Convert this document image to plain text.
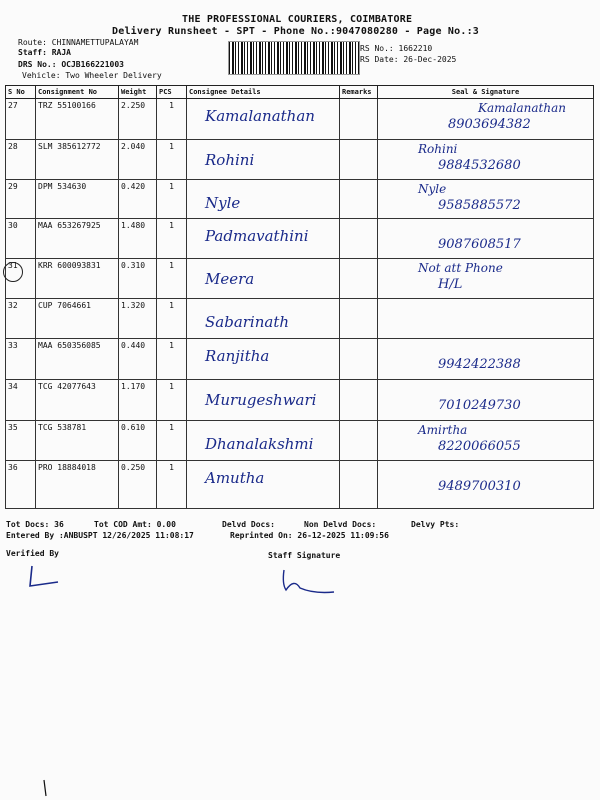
THE PROFESSIONAL COURIERS, COIMBATORE
Delivery Runsheet - SPT - Phone No.:9047080280 - Page No.:3
Route: CHINNAMETTUPALAYAM
Staff: RAJA
DRS No.: OCJB166221003
Vehicle: Two Wheeler Delivery
RS No.: 1662210
RS Date: 26-Dec-2025
S No	Consignment No	Weight	PCS	Consignee Details	Remarks	Seal & Signature
27	TRZ 55100166	2.250	1	Kamalanathan		Kamalanathan
8903694382

28	SLM 385612772	2.040	1	Rohini		Rohini
9884532680

29	DPM 534630	0.420	1	Nyle		Nyle
9585885572

30	MAA 653267925	1.480	1	Padmavathini		9087608517

31	KRR 600093831	0.310	1	Meera		Not att Phone
H/L

32	CUP 7064661	1.320	1	Sabarinath		

33	MAA 650356085	0.440	1	Ranjitha		9942422388

34	TCG 42077643	1.170	1	Murugeshwari		7010249730

35	TCG 538781	0.610	1	Dhanalakshmi		Amirtha
8220066055

36	PRO 18884018	0.250	1	Amutha		9489700310
Tot Docs: 36	Tot COD Amt: 0.00	Delvd Docs:	Non Delvd Docs:	Delvy Pts:
Entered By :ANBUSPT 12/26/2025 11:08:17	Reprinted On: 26-12-2025 11:09:56
Verified By	Staff Signature
